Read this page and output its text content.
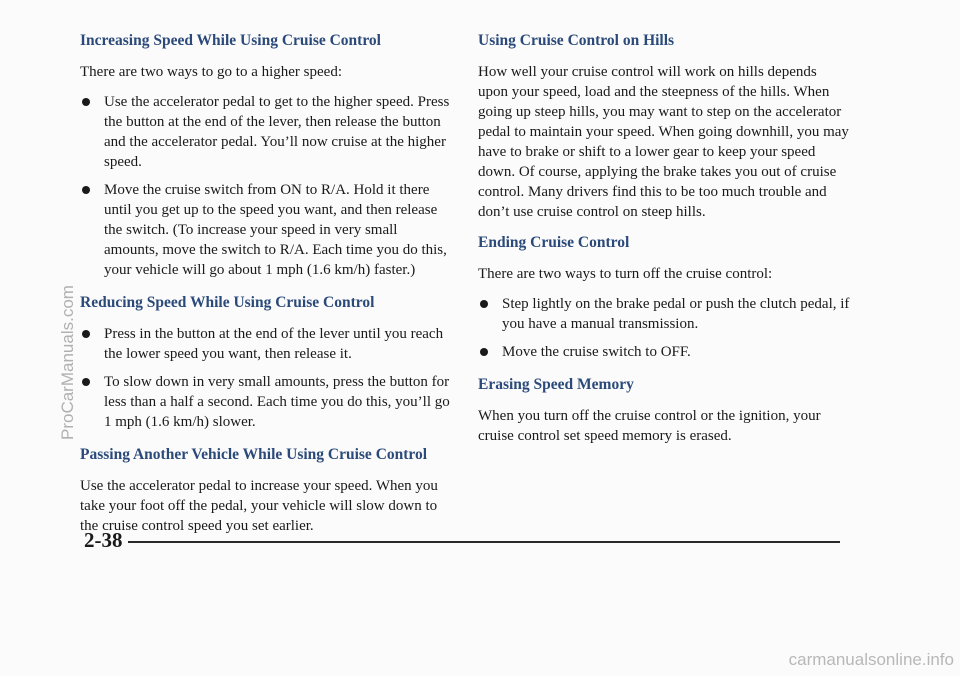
Increasing Speed While Using Cruise Control

There are two ways to go to a higher speed:

Use the accelerator pedal to get to the higher speed. Press the button at the end of the lever, then release the button and the accelerator pedal. You’ll now cruise at the higher speed.
Move the cruise switch from ON to R/A. Hold it there until you get up to the speed you want, and then release the switch. (To increase your speed in very small amounts, move the switch to R/A. Each time you do this, your vehicle will go about 1 mph (1.6 km/h) faster.)
Reducing Speed While Using Cruise Control
Press in the button at the end of the lever until you reach the lower speed you want, then release it.
To slow down in very small amounts, press the button for less than a half a second. Each time you do this, you’ll go 1 mph (1.6 km/h) slower.
Passing Another Vehicle While Using Cruise Control

Use the accelerator pedal to increase your speed. When you take your foot off the pedal, your vehicle will slow down to the cruise control speed you set earlier.

Using Cruise Control on Hills

How well your cruise control will work on hills depends upon your speed, load and the steepness of the hills. When going up steep hills, you may want to step on the accelerator pedal to maintain your speed. When going downhill, you may have to brake or shift to a lower gear to keep your speed down. Of course, applying the brake takes you out of cruise control. Many drivers find this to be too much trouble and don’t use cruise control on steep hills.

Ending Cruise Control

There are two ways to turn off the cruise control:

Step lightly on the brake pedal or push the clutch pedal, if you have a manual transmission.
Move the cruise switch to OFF.
Erasing Speed Memory

When you turn off the cruise control or the ignition, your cruise control set speed memory is erased.

2-38
ProCarManuals.com
carmanualsonline.info
